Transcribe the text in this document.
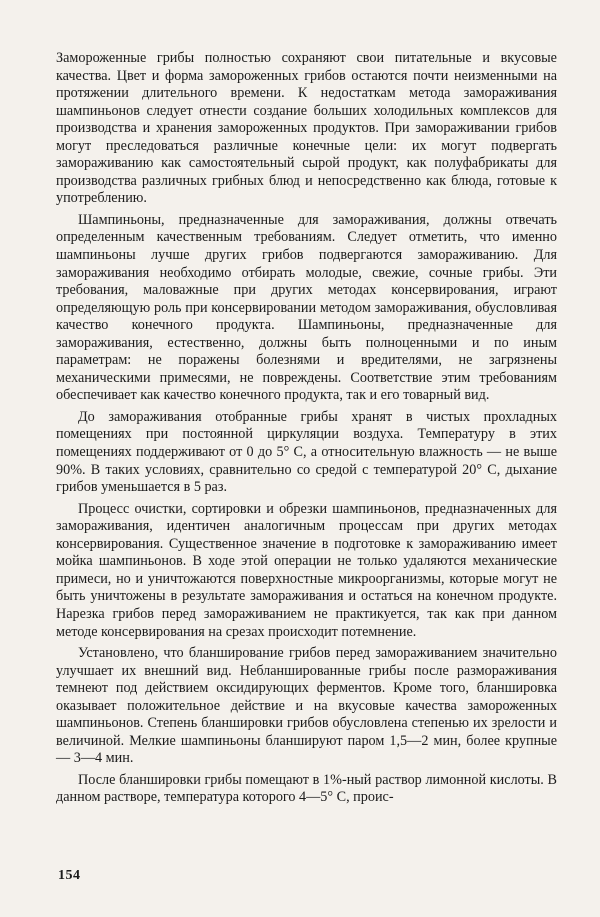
Замороженные грибы полностью сохраняют свои питательные и вкусовые качества. Цвет и форма замороженных грибов остаются почти неизменными на протяжении длительного времени. К недостаткам метода замораживания шампиньонов следует отнести создание больших холодильных комплексов для производства и хранения замороженных продуктов. При замораживании грибов могут преследоваться различные конечные цели: их могут подвергать замораживанию как самостоятельный сырой продукт, как полуфабрикаты для производства различных грибных блюд и непосредственно как блюда, готовые к употреблению.

Шампиньоны, предназначенные для замораживания, должны отвечать определенным качественным требованиям. Следует отметить, что именно шампиньоны лучше других грибов подвергаются замораживанию. Для замораживания необходимо отбирать молодые, свежие, сочные грибы. Эти требования, маловажные при других методах консервирования, играют определяющую роль при консервировании методом замораживания, обусловливая качество конечного продукта. Шампиньоны, предназначенные для замораживания, естественно, должны быть полноценными и по иным параметрам: не поражены болезнями и вредителями, не загрязнены механическими примесями, не повреждены. Соответствие этим требованиям обеспечивает как качество конечного продукта, так и его товарный вид.

До замораживания отобранные грибы хранят в чистых прохладных помещениях при постоянной циркуляции воздуха. Температуру в этих помещениях поддерживают от 0 до 5° С, а относительную влажность — не выше 90%. В таких условиях, сравнительно со средой с температурой 20° С, дыхание грибов уменьшается в 5 раз.

Процесс очистки, сортировки и обрезки шампиньонов, предназначенных для замораживания, идентичен аналогичным процессам при других методах консервирования. Существенное значение в подготовке к замораживанию имеет мойка шампиньонов. В ходе этой операции не только удаляются механические примеси, но и уничтожаются поверхностные микроорганизмы, которые могут не быть уничтожены в результате замораживания и остаться на конечном продукте. Нарезка грибов перед замораживанием не практикуется, так как при данном методе консервирования на срезах происходит потемнение.

Установлено, что бланширование грибов перед замораживанием значительно улучшает их внешний вид. Небланшированные грибы после размораживания темнеют под действием оксидирующих ферментов. Кроме того, бланшировка оказывает положительное действие и на вкусовые качества замороженных шампиньонов. Степень бланшировки грибов обусловлена степенью их зрелости и величиной. Мелкие шампиньоны бланшируют паром 1,5—2 мин, более крупные — 3—4 мин.

После бланшировки грибы помещают в 1%-ный раствор лимонной кислоты. В данном растворе, температура которого 4—5° С, проис-

154
